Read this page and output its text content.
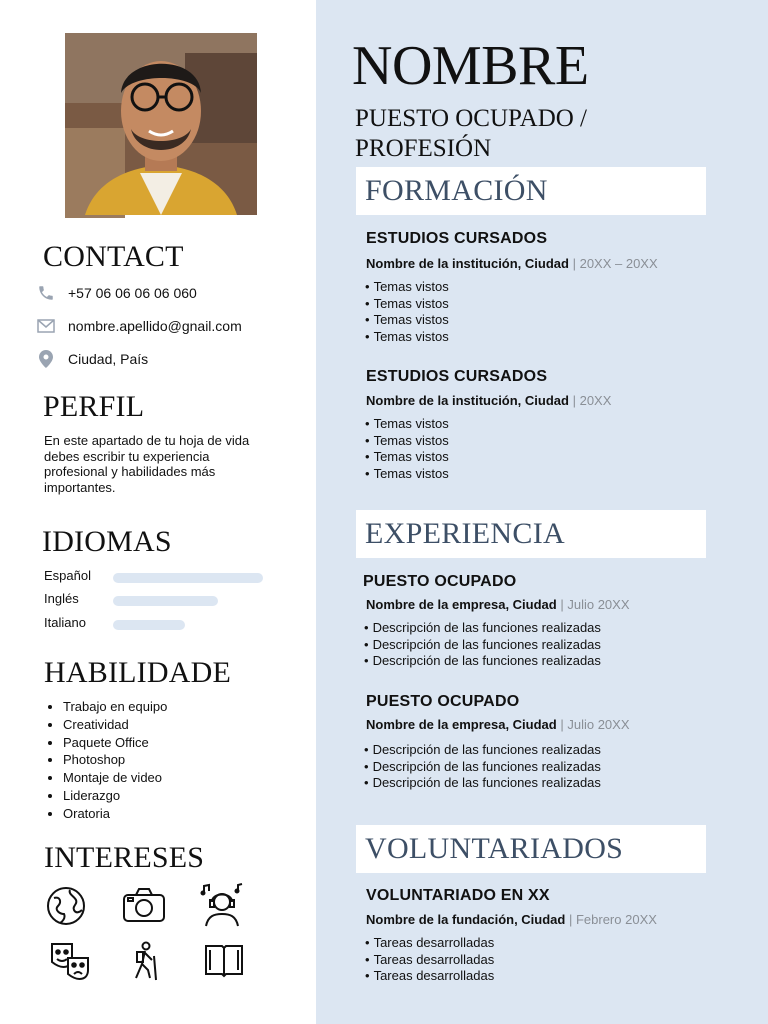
CONTACT
+57 06 06 06 06 060
nombre.apellido@gnail.com
Ciudad, País
PERFIL
En este apartado de tu hoja de vida debes escribir tu experiencia profesional y habilidades más importantes.
IDIOMAS
Español
Inglés
Italiano
HABILIDADE
• Trabajo en equipo
• Creatividad
• Paquete Office
• Photoshop
• Montaje de video
• Liderazgo
• Oratoria
INTERESES
NOMBRE
PUESTO OCUPADO / PROFESIÓN
FORMACIÓN
EXPERIENCIA
VOLUNTARIADOS
ESTUDIOS CURSADOS
Nombre de la institución, Ciudad | 20XX – 20XX
• Temas vistos
• Temas vistos
• Temas vistos
• Temas vistos
ESTUDIOS CURSADOS
Nombre de la institución, Ciudad | 20XX
• Temas vistos
• Temas vistos
• Temas vistos
• Temas vistos
PUESTO OCUPADO
Nombre de la empresa, Ciudad | Julio 20XX
• Descripción de las funciones realizadas
• Descripción de las funciones realizadas
• Descripción de las funciones realizadas
PUESTO OCUPADO
Nombre de la empresa, Ciudad | Julio 20XX
• Descripción de las funciones realizadas
• Descripción de las funciones realizadas
• Descripción de las funciones realizadas
VOLUNTARIADO EN XX
Nombre de la fundación, Ciudad | Febrero 20XX
• Tareas desarrolladas
• Tareas desarrolladas
• Tareas desarrolladas
